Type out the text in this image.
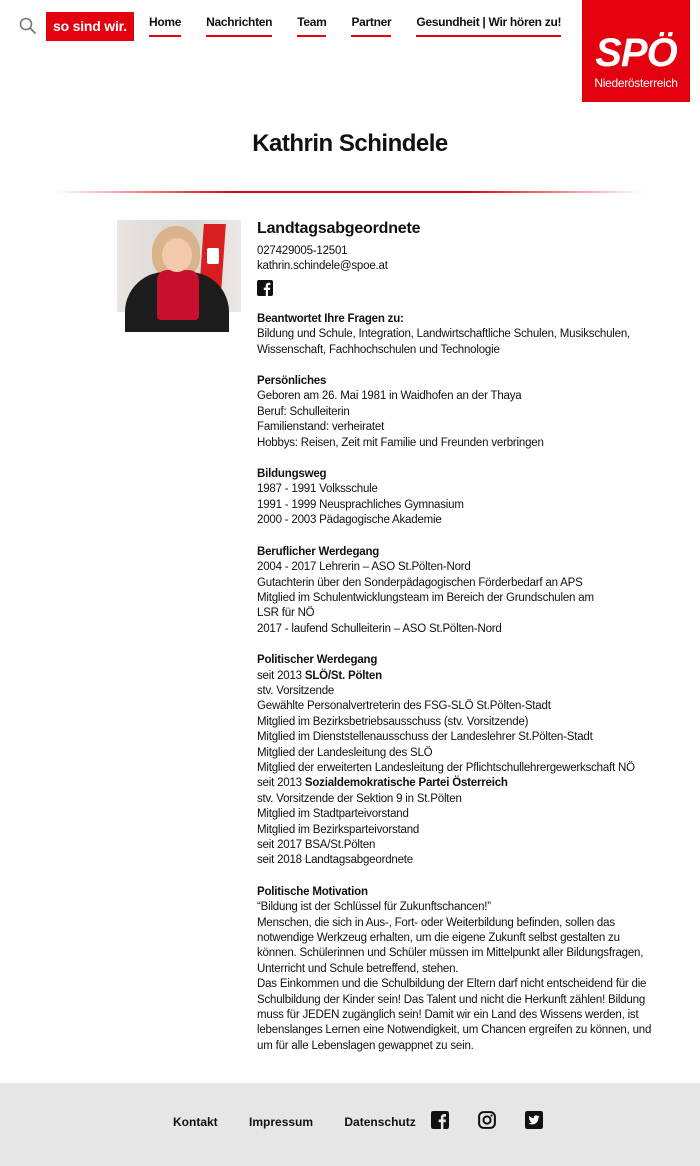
so sind wir.	Home Nachrichten Team Partner Gesundheit | Wir hören zu!
SPÖ
Niederösterreich
Kathrin Schindele
Landtagsabgeordnete
027429005-12501
kathrin.schindele@spoe.at
Beantwortet Ihre Fragen zu:
Bildung und Schule, Integration, Landwirtschaftliche Schulen, Musikschulen, Wissenschaft, Fachhochschulen und Technologie
Persönliches
Geboren am 26. Mai 1981 in Waidhofen an der Thaya
Beruf: Schulleiterin
Familienstand: verheiratet
Hobbys: Reisen, Zeit mit Familie und Freunden verbringen
Bildungsweg
1987 - 1991 Volksschule
1991 - 1999 Neusprachliches Gymnasium
2000 - 2003 Pädagogische Akademie
Beruflicher Werdegang
2004 - 2017 Lehrerin – ASO St.Pölten-Nord
Gutachterin über den Sonderpädagogischen Förderbedarf an APS
Mitglied im Schulentwicklungsteam im Bereich der Grundschulen am
LSR für NÖ
2017 - laufend Schulleiterin – ASO St.Pölten-Nord
Politischer Werdegang
seit 2013 SLÖ/St. Pölten
stv. Vorsitzende
Gewählte Personalvertreterin des FSG-SLÖ St.Pölten-Stadt
Mitglied im Bezirksbetriebsausschuss (stv. Vorsitzende)
Mitglied im Dienststellenausschuss der Landeslehrer St.Pölten-Stadt
Mitglied der Landesleitung des SLÖ
Mitglied der erweiterten Landesleitung der Pflichtschullehrergewerkschaft NÖ
seit 2013 Sozialdemokratische Partei Österreich
stv. Vorsitzende der Sektion 9 in St.Pölten
Mitglied im Stadtparteivorstand
Mitglied im Bezirksparteivorstand
seit 2017 BSA/St.Pölten
seit 2018 Landtagsabgeordnete
Politische Motivation
“Bildung ist der Schlüssel für Zukunftschancen!”
Menschen, die sich in Aus-, Fort- oder Weiterbildung befinden, sollen das notwendige Werkzeug erhalten, um die eigene Zukunft selbst gestalten zu können. Schülerinnen und Schüler müssen im Mittelpunkt aller Bildungsfragen, Unterricht und Schule betreffend, stehen.
Das Einkommen und die Schulbildung der Eltern darf nicht entscheidend für die Schulbildung der Kinder sein! Das Talent und nicht die Herkunft zählen! Bildung muss für JEDEN zugänglich sein! Damit wir ein Land des Wissens werden, ist lebenslanges Lernen eine Notwendigkeit, um Chancen ergreifen zu können, und um für alle Lebenslagen gewappnet zu sein.
Kontakt	Impressum	Datenschutz
